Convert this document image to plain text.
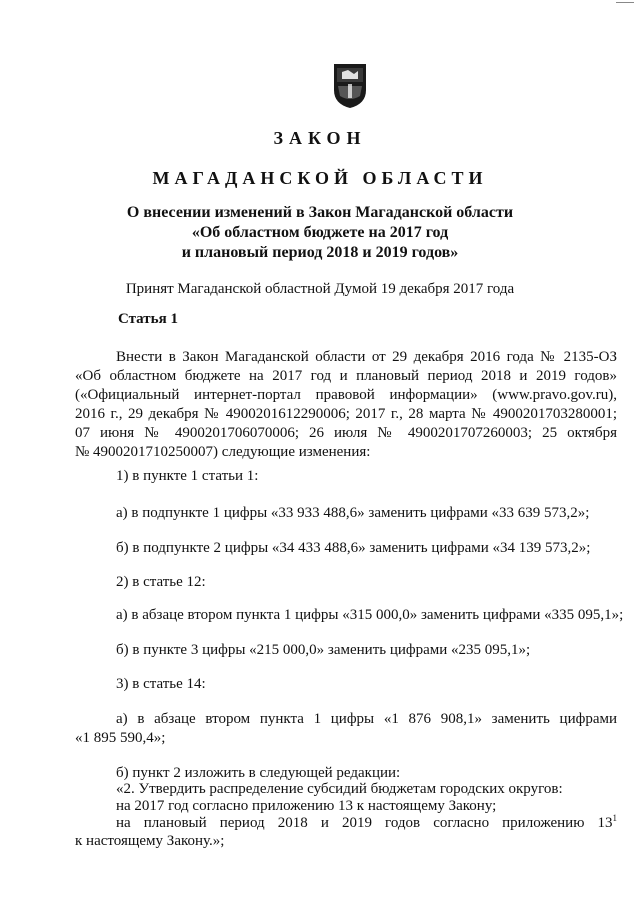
ЗАКОН
МАГАДАНСКОЙ ОБЛАСТИ
О внесении изменений в Закон Магаданской области
«Об областном бюджете на 2017 год
и плановый период 2018 и 2019 годов»
Принят Магаданской областной Думой 19 декабря 2017 года
Статья 1
Внести в Закон Магаданской области от 29 декабря 2016 года № 2135-ОЗ
«Об областном бюджете на 2017 год и плановый период 2018 и 2019 годов»
(«Официальный интернет-портал правовой информации» (www.pravo.gov.ru),
2016 г., 29 декабря № 4900201612290006; 2017 г., 28 марта № 4900201703280001;
07 июня № 4900201706070006; 26 июля № 4900201707260003; 25 октября
№ 4900201710250007) следующие изменения:
1) в пункте 1 статьи 1:
а) в подпункте 1 цифры «33 933 488,6» заменить цифрами «33 639 573,2»;
б) в подпункте 2 цифры «34 433 488,6» заменить цифрами «34 139 573,2»;
2) в статье 12:
а) в абзаце втором пункта 1 цифры «315 000,0» заменить цифрами «335 095,1»;
б) в пункте 3 цифры «215 000,0» заменить цифрами «235 095,1»;
3) в статье 14:
а) в абзаце втором пункта 1 цифры «1 876 908,1» заменить цифрами
«1 895 590,4»;
б) пункт 2 изложить в следующей редакции:
«2. Утвердить распределение субсидий бюджетам городских округов:
на 2017 год согласно приложению 13 к настоящему Закону;
на плановый период 2018 и 2019 годов согласно приложению $13^1$
к настоящему Закону.»;
